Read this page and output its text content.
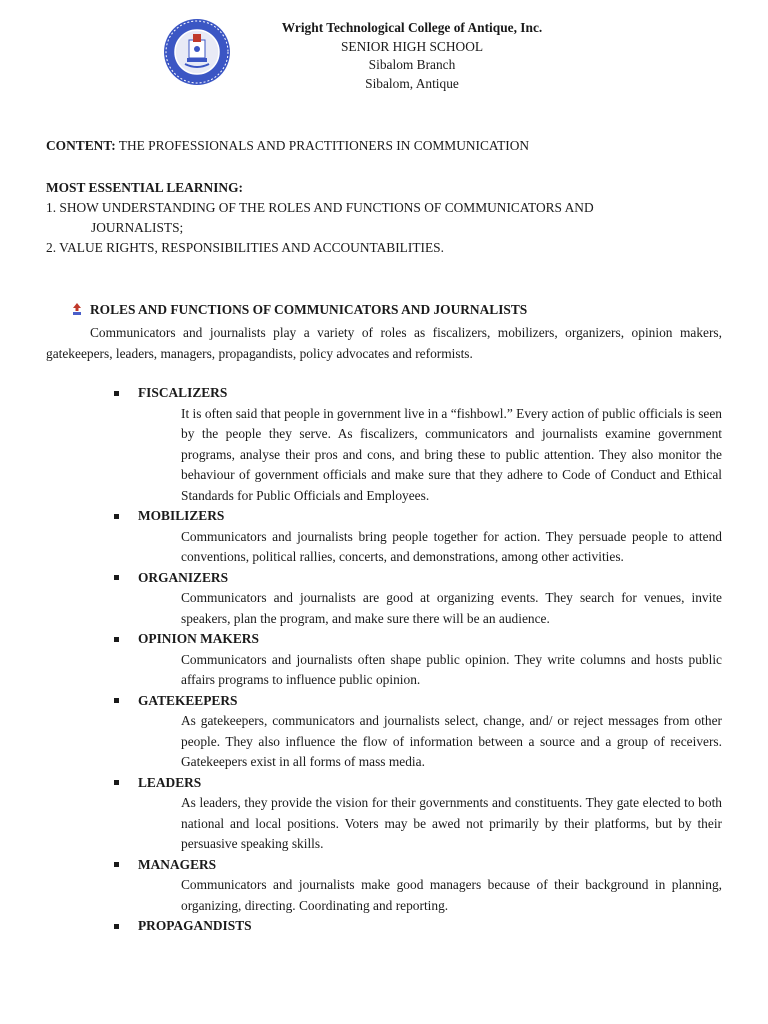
Wright Technological College of Antique, Inc.
SENIOR HIGH SCHOOL
Sibalom Branch
Sibalom, Antique
CONTENT: THE PROFESSIONALS AND PRACTITIONERS IN COMMUNICATION
MOST ESSENTIAL LEARNING:
1. SHOW UNDERSTANDING OF THE ROLES AND FUNCTIONS OF COMMUNICATORS AND
JOURNALISTS;
2. VALUE RIGHTS, RESPONSIBILITIES AND ACCOUNTABILITIES.
ROLES AND FUNCTIONS OF COMMUNICATORS AND JOURNALISTS
Communicators and journalists play a variety of roles as fiscalizers, mobilizers, organizers, opinion makers, gatekeepers, leaders, managers, propagandists, policy advocates and reformists.
FISCALIZERS
It is often said that people in government live in a “fishbowl.” Every action of public officials is seen by the people they serve. As fiscalizers, communicators and journalists examine government programs, analyse their pros and cons, and bring these to public attention. They also monitor the behaviour of government officials and make sure that they adhere to Code of Conduct and Ethical Standards for Public Officials and Employees.
MOBILIZERS
Communicators and journalists bring people together for action. They persuade people to attend conventions, political rallies, concerts, and demonstrations, among other activities.
ORGANIZERS
Communicators and journalists are good at organizing events. They search for venues, invite speakers, plan the program, and make sure there will be an audience.
OPINION MAKERS
Communicators and journalists often shape public opinion. They write columns and hosts public affairs programs to influence public opinion.
GATEKEEPERS
As gatekeepers, communicators and journalists select, change, and/ or reject messages from other people. They also influence the flow of information between a source and a group of receivers. Gatekeepers exist in all forms of mass media.
LEADERS
As leaders, they provide the vision for their governments and constituents. They gate elected to both national and local positions. Voters may be awed not primarily by their platforms, but by their persuasive speaking skills.
MANAGERS
Communicators and journalists make good managers because of their background in planning, organizing, directing. Coordinating and reporting.
PROPAGANDISTS
